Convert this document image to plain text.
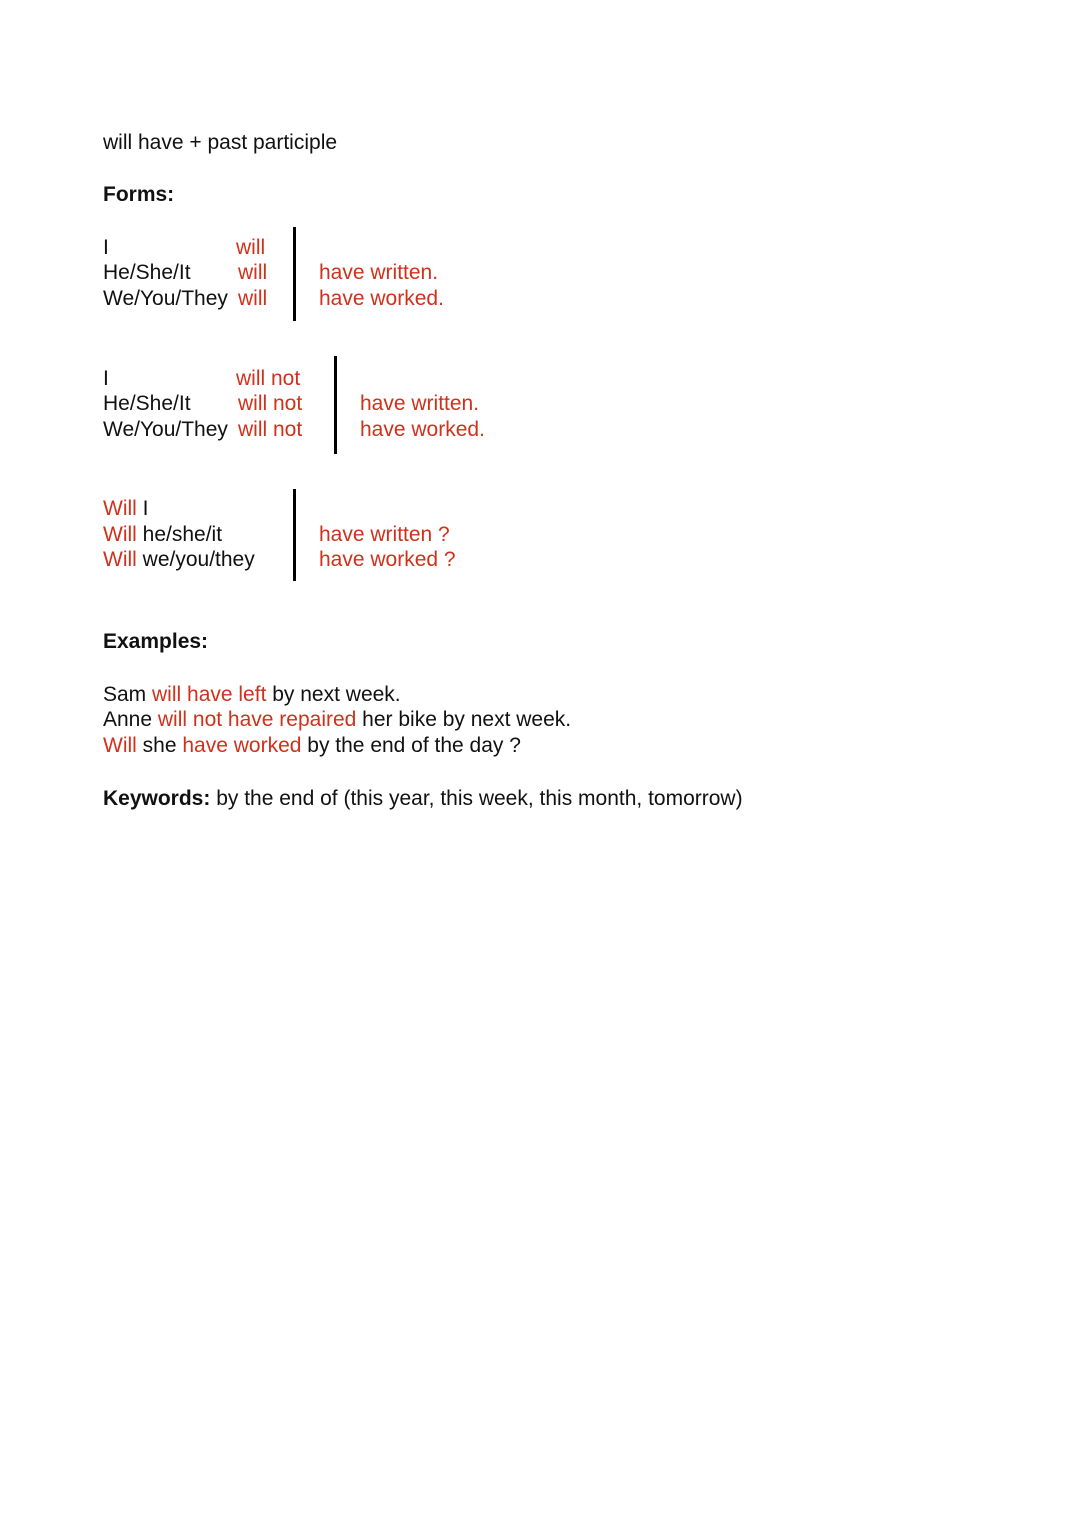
will have + past participle
Forms:
I
He/She/It
We/You/They
will
will
will
have written.
have worked.
I
He/She/It
We/You/They
will not
will not
will not
have written.
have worked.
Will I
Will he/she/it
Will we/you/they
have written ?
have worked ?
Examples:
Sam will have left by next week.
Anne will not have repaired her bike by next week.
Will she have worked by the end of the day ?
Keywords: by the end of (this year, this week, this month, tomorrow)
